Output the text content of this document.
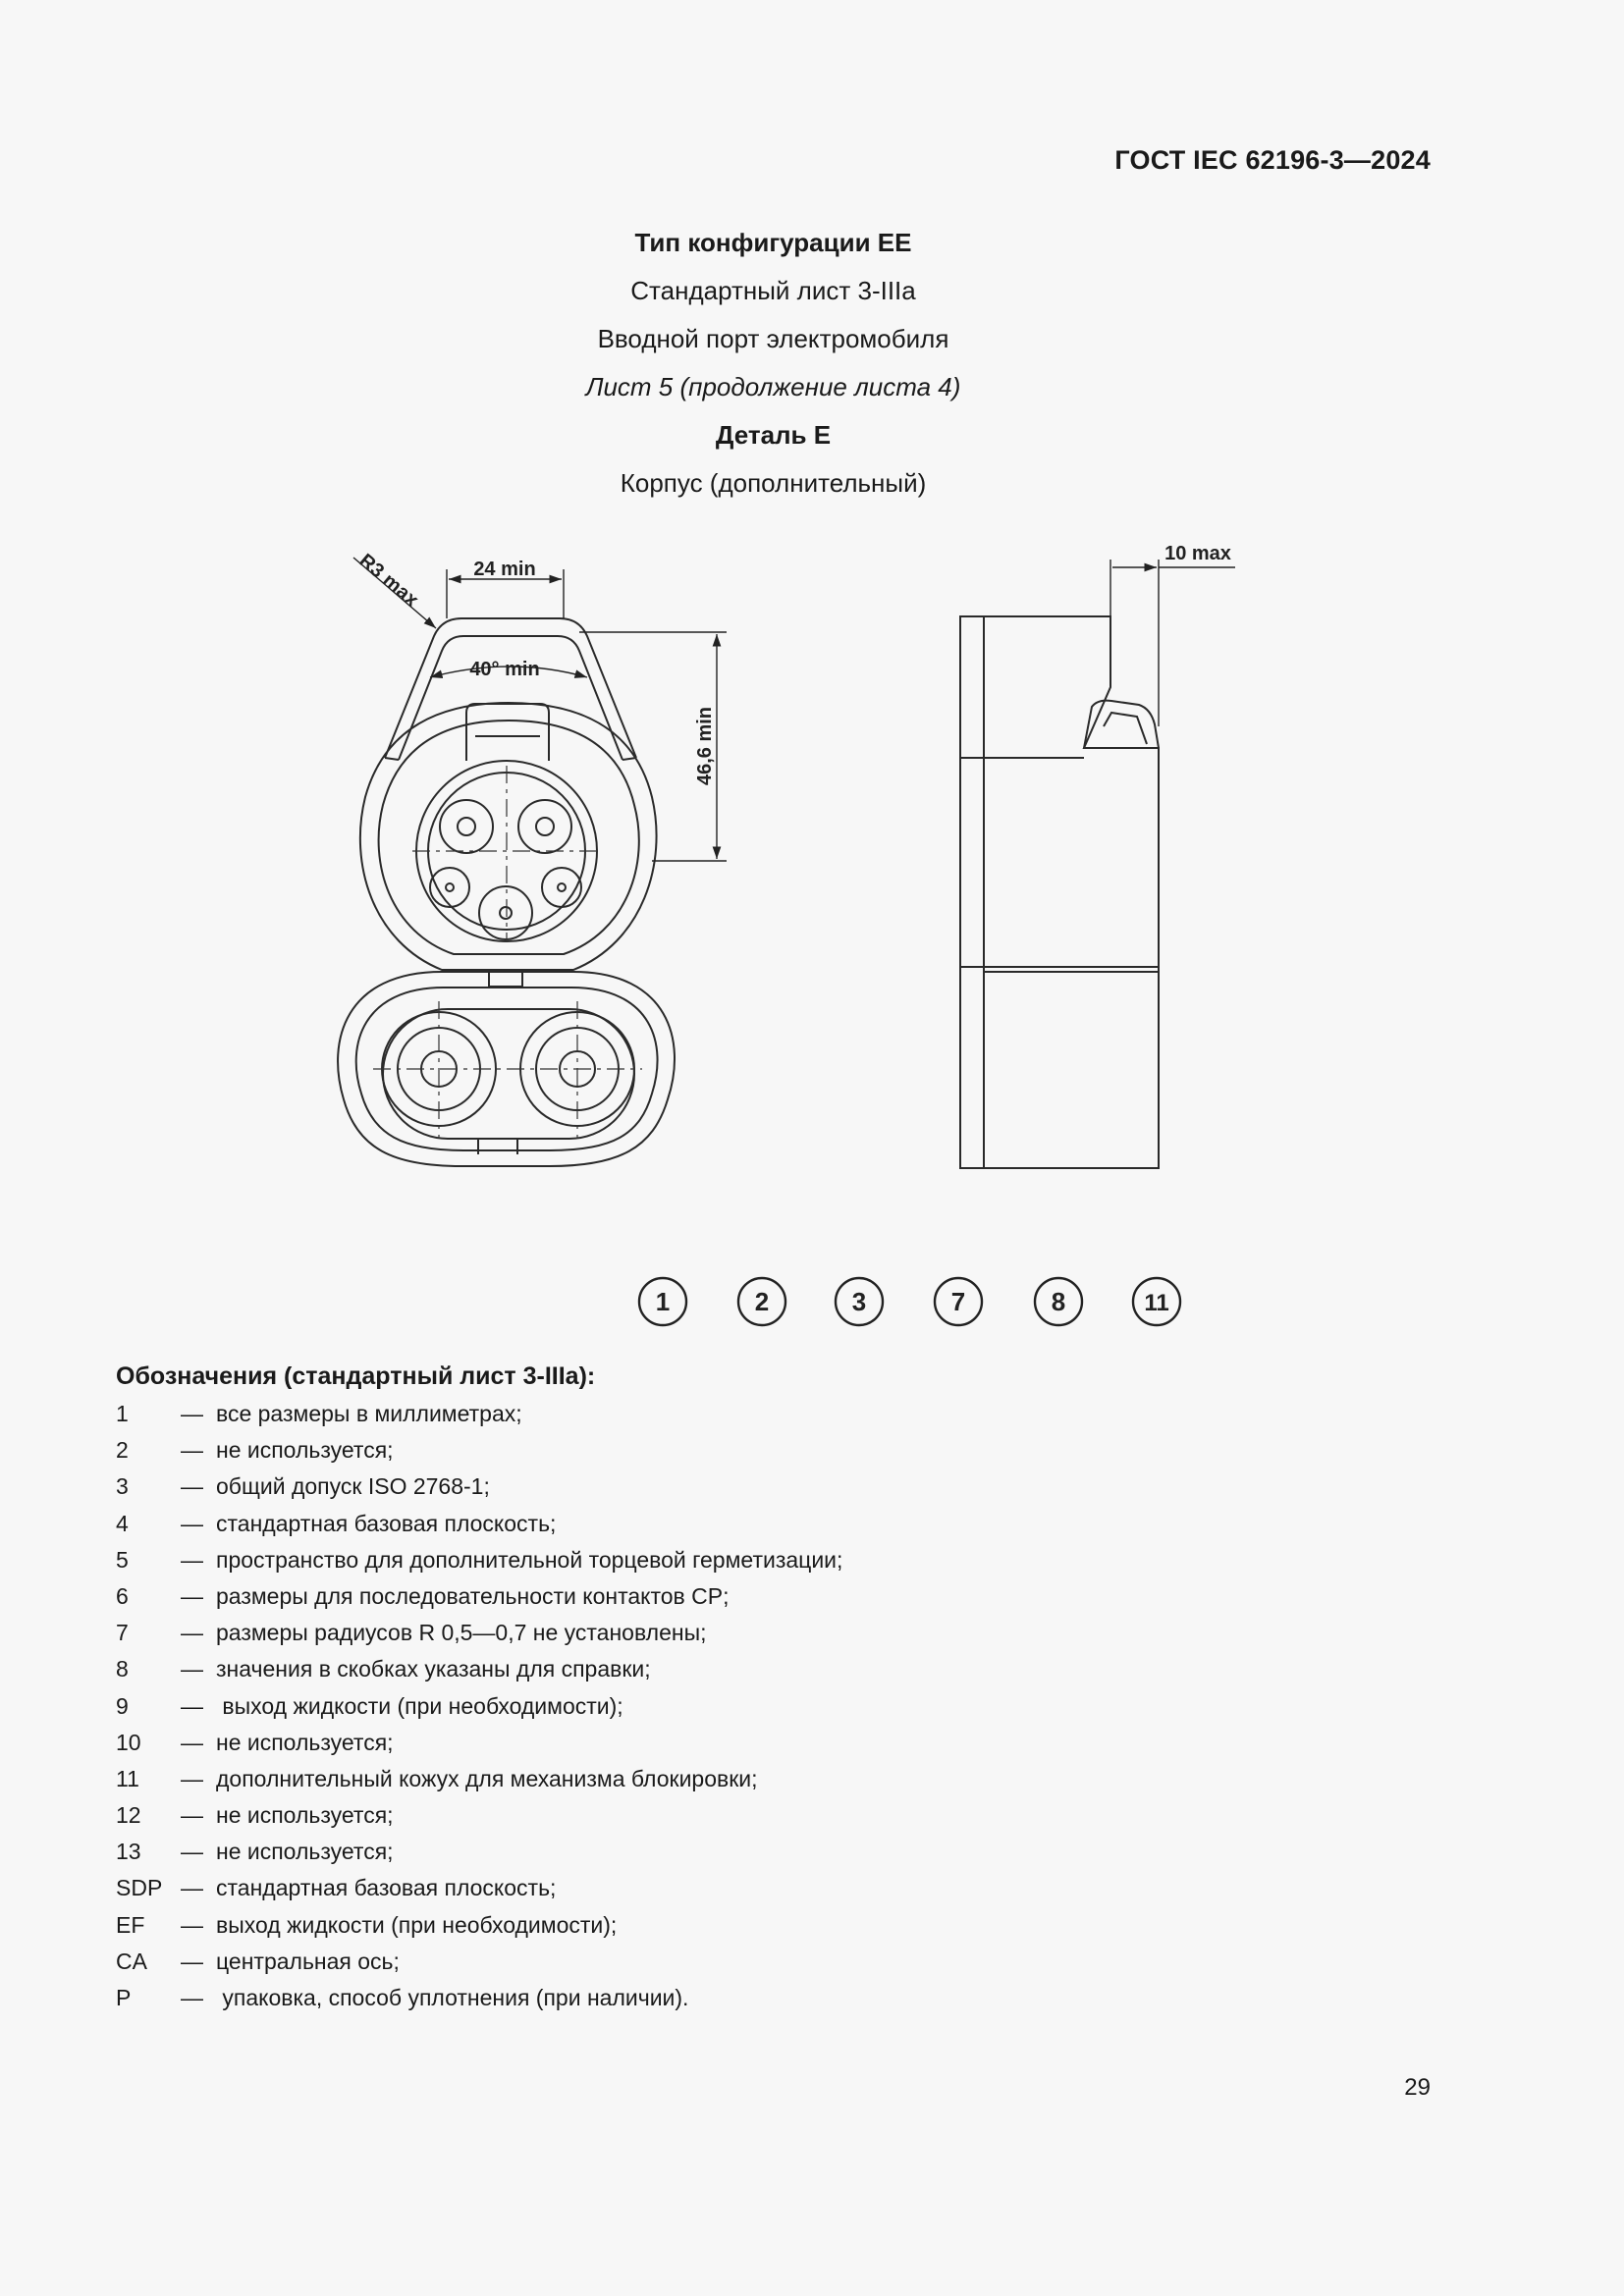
ГОСТ IEC 62196-3—2024
Тип конфигурации EE
Стандартный лист 3-IIIa
Вводной порт электромобиля
Лист 5 (продолжение листа 4)
Деталь E
Корпус (дополнительный)
24 min
R3 max
40° min
46,6 min
10 max
1	2	3	7	8	11
Обозначения (стандартный лист 3-IIIa):
1	— все размеры в миллиметрах;
2	— не используется;
3	— общий допуск ISO 2768-1;
4	— стандартная базовая плоскость;
5	— пространство для дополнительной торцевой герметизации;
6	— размеры для последовательности контактов CP;
7	— размеры радиусов R 0,5—0,7 не установлены;
8	— значения в скобках указаны для справки;
9	— выход жидкости (при необходимости);
10	— не используется;
11	— дополнительный кожух для механизма блокировки;
12	— не используется;
13	— не используется;
SDP — стандартная базовая плоскость;
EF	— выход жидкости (при необходимости);
CA	— центральная ось;
P	— упаковка, способ уплотнения (при наличии).
29
